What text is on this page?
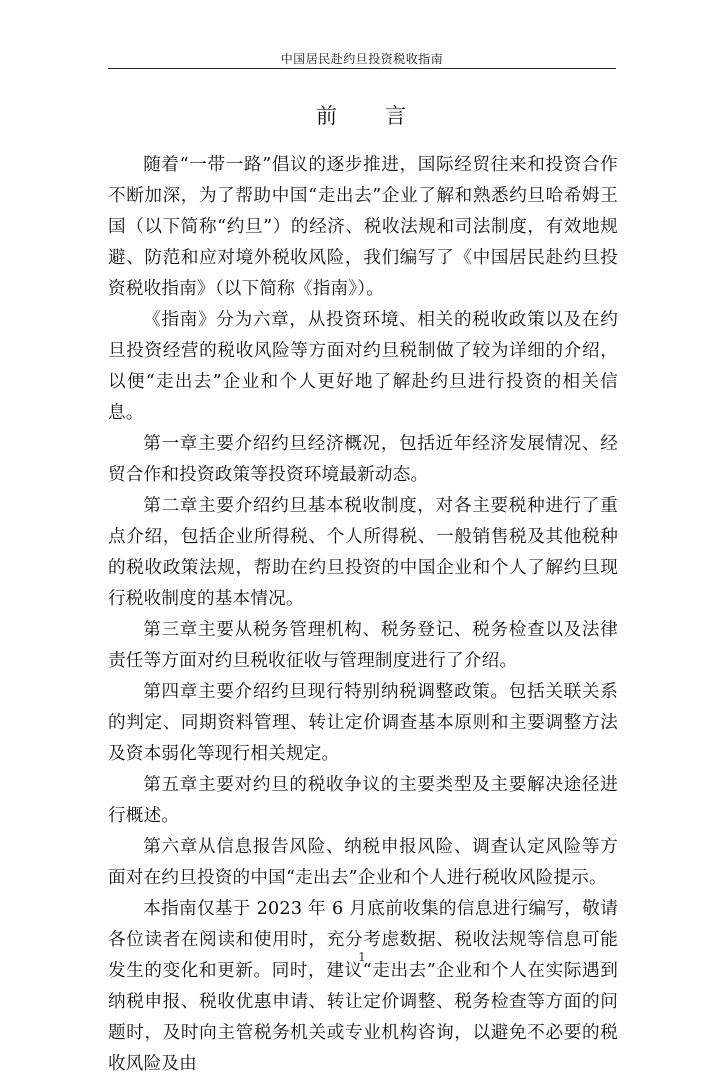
中国居民赴约旦投资税收指南
前　　言

随着“一带一路”倡议的逐步推进，国际经贸往来和投资合作不断加深，为了帮助中国“走出去”企业了解和熟悉约旦哈希姆王国（以下简称“约旦”）的经济、税收法规和司法制度，有效地规避、防范和应对境外税收风险，我们编写了《中国居民赴约旦投资税收指南》（以下简称《指南》）。

《指南》分为六章，从投资环境、相关的税收政策以及在约旦投资经营的税收风险等方面对约旦税制做了较为详细的介绍，以便“走出去”企业和个人更好地了解赴约旦进行投资的相关信息。

第一章主要介绍约旦经济概况，包括近年经济发展情况、经贸合作和投资政策等投资环境最新动态。

第二章主要介绍约旦基本税收制度，对各主要税种进行了重点介绍，包括企业所得税、个人所得税、一般销售税及其他税种的税收政策法规，帮助在约旦投资的中国企业和个人了解约旦现行税收制度的基本情况。

第三章主要从税务管理机构、税务登记、税务检查以及法律责任等方面对约旦税收征收与管理制度进行了介绍。

第四章主要介绍约旦现行特别纳税调整政策。包括关联关系的判定、同期资料管理、转让定价调查基本原则和主要调整方法及资本弱化等现行相关规定。

第五章主要对约旦的税收争议的主要类型及主要解决途径进行概述。

第六章从信息报告风险、纳税申报风险、调查认定风险等方面对在约旦投资的中国“走出去”企业和个人进行税收风险提示。

本指南仅基于 2023 年 6 月底前收集的信息进行编写，敬请各位读者在阅读和使用时，充分考虑数据、税收法规等信息可能发生的变化和更新。同时，建议“走出去”企业和个人在实际遇到纳税申报、税收优惠申请、转让定价调整、税务检查等方面的问题时，及时向主管税务机关或专业机构咨询，以避免不必要的税收风险及由

1
